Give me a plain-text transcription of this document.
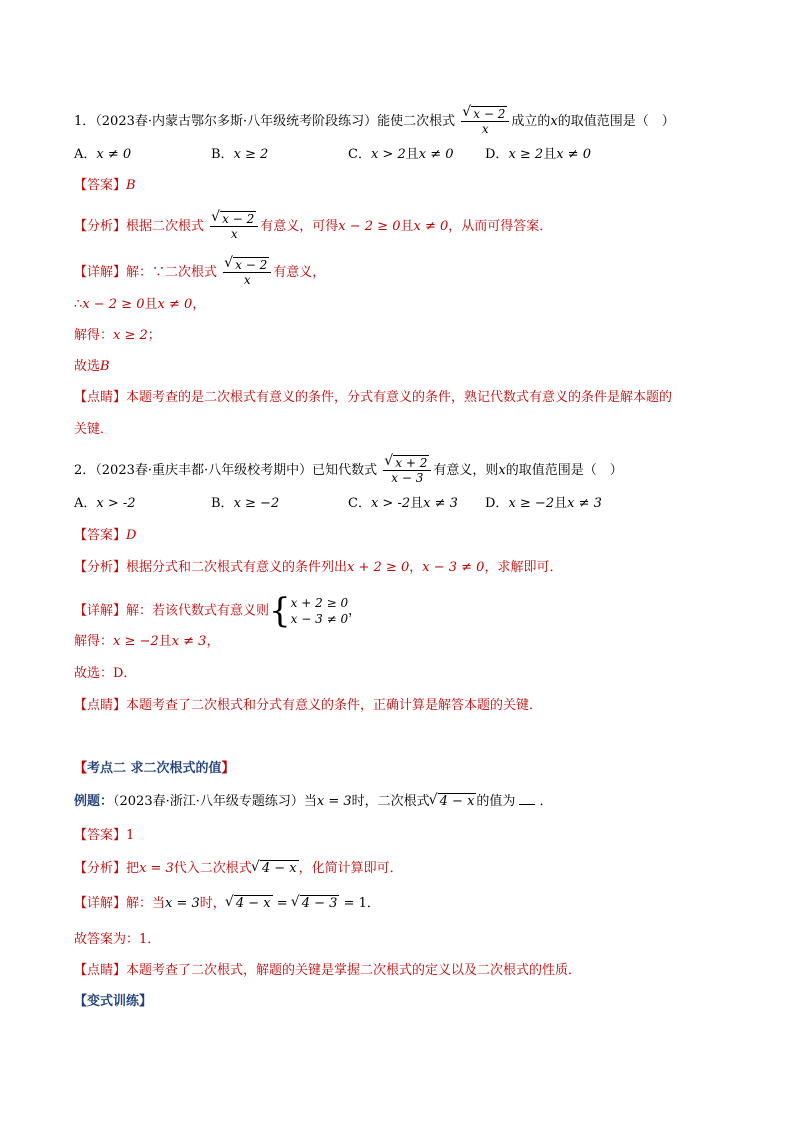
1．（2023春·内蒙古鄂尔多斯·八年级统考阶段练习）能使二次根式 √ $\frac{x - 2}{x}$ 成立的x的取值范围是（　）
A．x ≠ 0	B．x ≥ 2	C．x > 2且x ≠ 0 D．x ≥ 2且x ≠ 0
【答案】B
【分析】根据二次根式 √ $\frac{x - 2}{x}$ 有意义，可得x − 2 ≥ 0且x ≠ 0，从而可得答案．
【详解】解：∵二次根式 √ $\frac{x - 2}{x}$ 有意义，
∴x − 2 ≥ 0且x ≠ 0，
解得：x ≥ 2；
故选B
【点睛】本题考查的是二次根式有意义的条件，分式有意义的条件，熟记代数式有意义的条件是解本题的
关键．
2．（2023春·重庆丰都·八年级校考期中）已知代数式 √ $\frac{x + 2}{x - 3}$ 有意义，则x的取值范围是（　）
A．x > -2	B．x ≥ −2	C．x > -2且x ≠ 3 D．x ≥ −2且x ≠ 3
【答案】D
【分析】根据分式和二次根式有意义的条件列出x + 2 ≥ 0，x − 3 ≠ 0，求解即可．
【详解】解：若该代数式有意义则 { x + 2 ≥ 0
x − 3 ≠ 0
，
解得：x ≥ −2且x ≠ 3，
故选：D．
【点睛】本题考查了二次根式和分式有意义的条件，正确计算是解答本题的关键．
【考点二 求二次根式的值】
例题：（2023春·浙江·八年级专题练习）当x = 3时，二次根式 √ 4 − x 的值为 ．
【答案】1
【分析】把x = 3代入二次根式 √ 4 − x ，化简计算即可．
【详解】解：当x = 3时， √ 4 − x = √ 4 − 3 = 1．
故答案为：1．
【点睛】本题考查了二次根式，解题的关键是掌握二次根式的定义以及二次根式的性质．
【变式训练】
